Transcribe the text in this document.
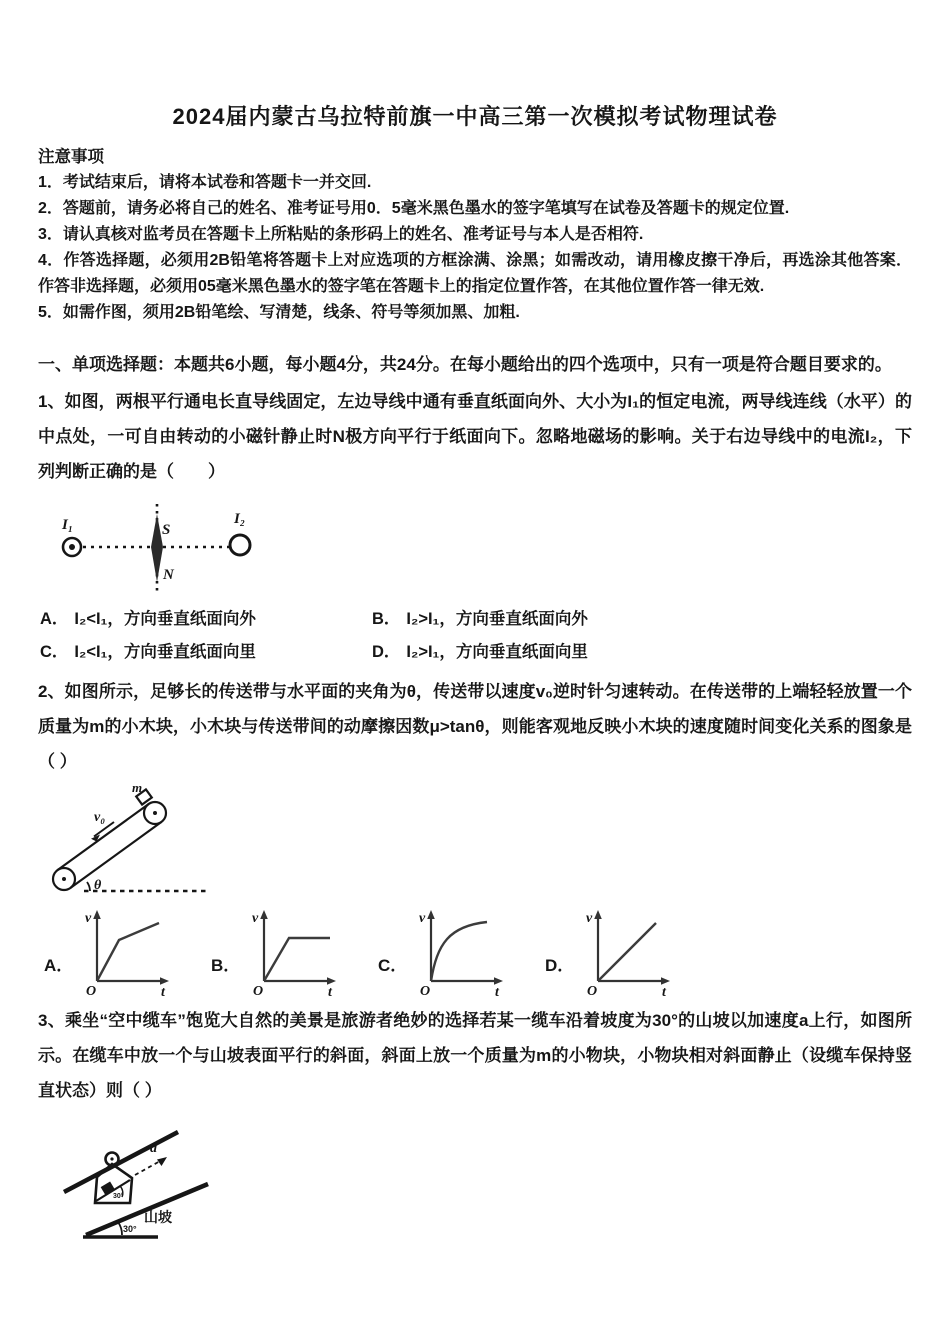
2024届内蒙古乌拉特前旗一中高三第一次模拟考试物理试卷
注意事项
1．考试结束后，请将本试卷和答题卡一并交回.
2．答题前，请务必将自己的姓名、准考证号用0．5毫米黑色墨水的签字笔填写在试卷及答题卡的规定位置.
3．请认真核对监考员在答题卡上所粘贴的条形码上的姓名、准考证号与本人是否相符.
4．作答选择题，必须用2B铅笔将答题卡上对应选项的方框涂满、涂黑；如需改动，请用橡皮擦干净后，再选涂其他答案．作答非选择题，必须用05毫米黑色墨水的签字笔在答题卡上的指定位置作答，在其他位置作答一律无效.
5．如需作图，须用2B铅笔绘、写清楚，线条、符号等须加黑、加粗.
一、单项选择题：本题共6小题，每小题4分，共24分。在每小题给出的四个选项中，只有一项是符合题目要求的。
1、如图，两根平行通电长直导线固定，左边导线中通有垂直纸面向外、大小为I₁的恒定电流，两导线连线（水平）的中点处，一可自由转动的小磁针静止时N极方向平行于纸面向下。忽略地磁场的影响。关于右边导线中的电流I₂，下列判断正确的是（　　）
I₁	I₂
S
N
A． I₂<I₁，方向垂直纸面向外	B． I₂>I₁，方向垂直纸面向外
C． I₂<I₁，方向垂直纸面向里	D． I₂>I₁，方向垂直纸面向里
2、如图所示，足够长的传送带与水平面的夹角为θ，传送带以速度v₀逆时针匀速转动。在传送带的上端轻轻放置一个质量为m的小木块，小木块与传送带间的动摩擦因数μ>tanθ，则能客观地反映小木块的速度随时间变化关系的图象是（ ）
v₀
m
θ
A．
v
O	t
B．
v
O	t
C．
v
O	t
D．
v
O	t
3、乘坐“空中缆车”饱览大自然的美景是旅游者绝妙的选择若某一缆车沿着坡度为30°的山坡以加速度a上行，如图所示。在缆车中放一个与山坡表面平行的斜面，斜面上放一个质量为m的小物块，小物块相对斜面静止（设缆车保持竖直状态）则（ ）
a
30°
30°
山坡
